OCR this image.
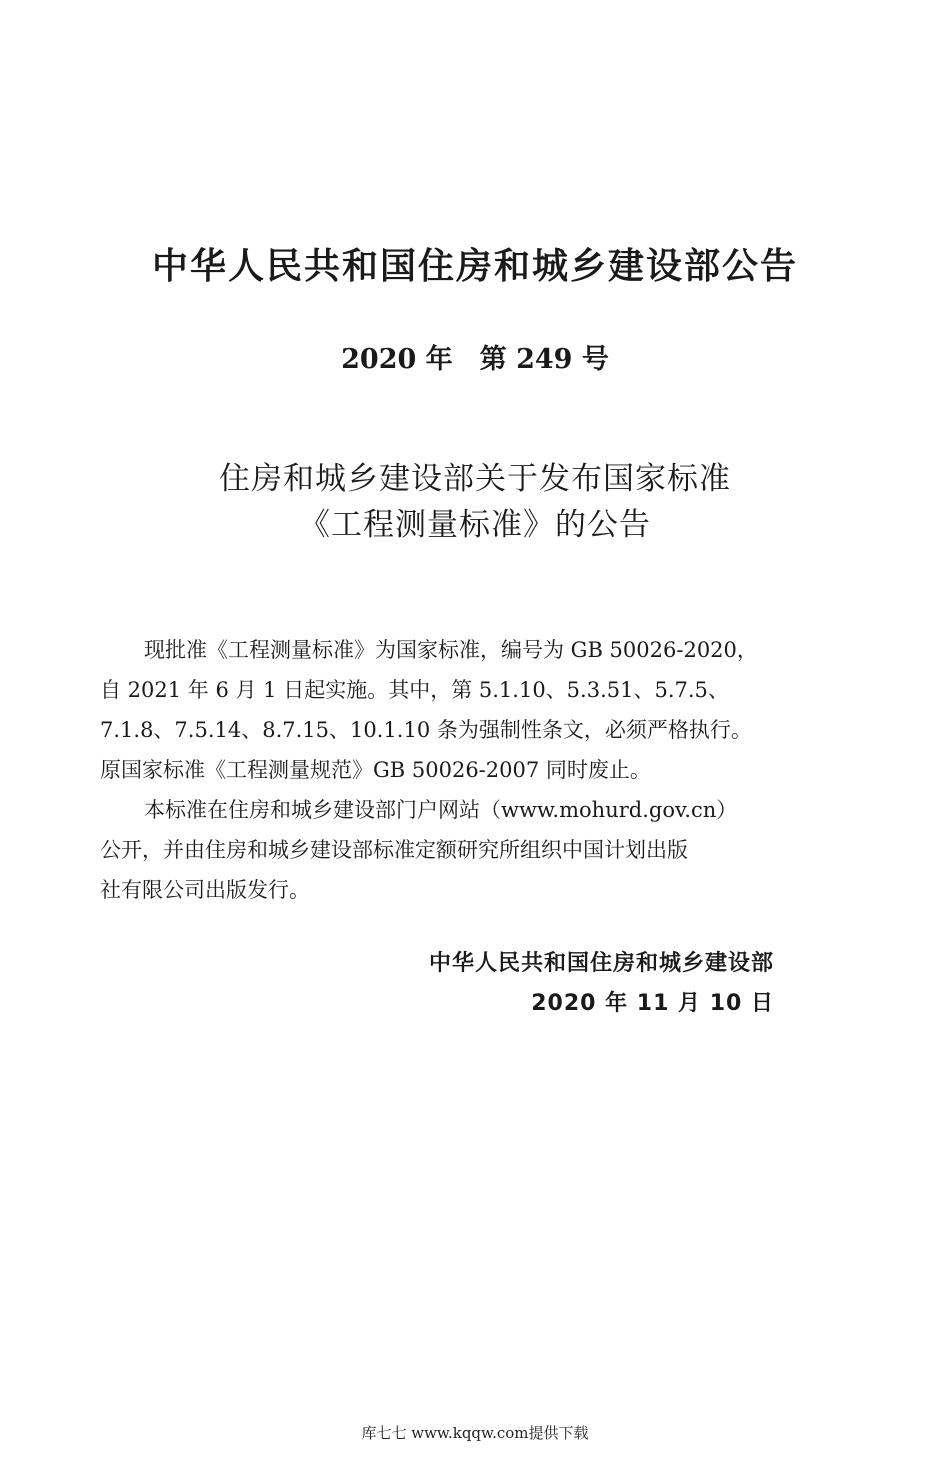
中华人民共和国住房和城乡建设部公告
2020 年　第 249 号
住房和城乡建设部关于发布国家标准
《工程测量标准》的公告
现批准《工程测量标准》为国家标准，编号为 GB 50026-2020，
自 2021 年 6 月 1 日起实施。其中，第 5.1.10、5.3.51、5.7.5、
7.1.8、7.5.14、8.7.15、10.1.10 条为强制性条文，必须严格执行。
原国家标准《工程测量规范》GB 50026-2007 同时废止。
本标准在住房和城乡建设部门户网站（www.mohurd.gov.cn）
公开，并由住房和城乡建设部标准定额研究所组织中国计划出版
社有限公司出版发行。
中华人民共和国住房和城乡建设部
2020 年 11 月 10 日
库七七 www.kqqw.com提供下载
